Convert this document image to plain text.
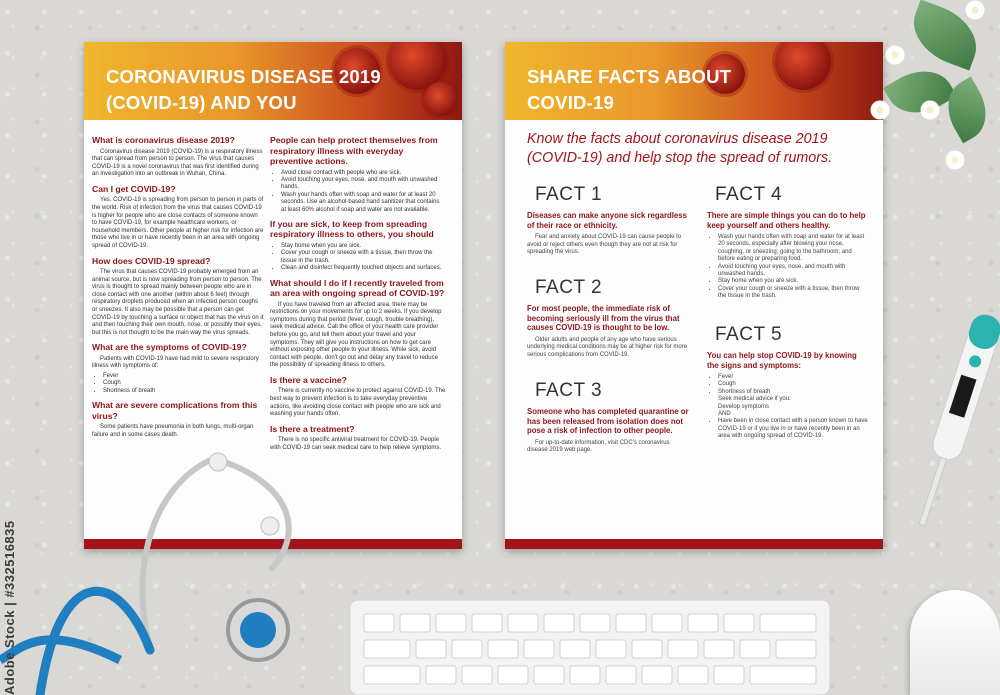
CORONAVIRUS DISEASE 2019
(COVID-19) AND YOU
What is coronavirus disease 2019?

Coronavirus disease 2019 (COVID-19) is a respiratory illness that can spread from person to person. The virus that causes COVID-19 is a novel coronavirus that was first identified during an investigation into an outbreak in Wuhan, China.

Can I get COVID-19?

Yes. COVID-19 is spreading from person to person in parts of the world. Risk of infection from the virus that causes COVID-19 is higher for people who are close contacts of someone known to have COVID-19, for example healthcare workers, or household members. Other people at higher risk for infection are those who live in or have recently been in an area with ongoing spread of COVID-19.

How does COVID-19 spread?

The virus that causes COVID-19 probably emerged from an animal source, but is now spreading from person to person. The virus is thought to spread mainly between people who are in close contact with one another (within about 6 feet) through respiratory droplets produced when an infected person coughs or sneezes. It also may be possible that a person can get COVID-19 by touching a surface or object that has the virus on it and then touching their own mouth, nose, or possibly their eyes, but this is not thought to be the main way the virus spreads.

What are the symptoms of COVID-19?

Patients with COVID-19 have had mild to severe respiratory illness with symptoms of:

• Fever
• Cough
• Shortness of breath
What are severe complications from this virus?

Some patients have pneumonia in both lungs, multi-organ failure and in some cases death.

People can help protect themselves from respiratory illness with everyday preventive actions.
• Avoid close contact with people who are sick.
• Avoid touching your eyes, nose, and mouth with unwashed hands.
• Wash your hands often with soap and water for at least 20 seconds. Use an alcohol-based hand sanitizer that contains at least 60% alcohol if soap and water are not available.
If you are sick, to keep from spreading respiratory illness to others, you should
• Stay home when you are sick.
• Cover your cough or sneeze with a tissue, then throw the tissue in the trash.
• Clean and disinfect frequently touched objects and surfaces.
What should I do if I recently traveled from an area with ongoing spread of COVID-19?

If you have traveled from an affected area, there may be restrictions on your movements for up to 2 weeks. If you develop symptoms during that period (fever, cough, trouble breathing), seek medical advice. Call the office of your health care provider before you go, and tell them about your travel and your symptoms. They will give you instructions on how to get care without exposing other people to your illness. While sick, avoid contact with people, don't go out and delay any travel to reduce the possibility of spreading illness to others.

Is there a vaccine?

There is currently no vaccine to protect against COVID-19. The best way to prevent infection is to take everyday preventive actions, like avoiding close contact with people who are sick and washing your hands often.

Is there a treatment?

There is no specific antiviral treatment for COVID-19. People with COVID-19 can seek medical care to help relieve symptoms.

SHARE FACTS ABOUT
COVID-19

Know the facts about coronavirus disease 2019 (COVID-19) and help stop the spread of rumors.

FACT 1

Diseases can make anyone sick regardless of their race or ethnicity.

Fear and anxiety about COVID-19 can cause people to avoid or reject others even though they are not at risk for spreading the virus.

FACT 2

For most people, the immediate risk of becoming seriously ill from the virus that causes COVID-19 is thought to be low.

Older adults and people of any age who have serious underlying medical conditions may be at higher risk for more serious complications from COVID-19.

FACT 3

Someone who has completed quarantine or has been released from isolation does not pose a risk of infection to other people.

For up-to-date information, visit CDC's coronavirus disease 2019 web page.

FACT 4

There are simple things you can do to help keep yourself and others healthy.
• Wash your hands often with soap and water for at least 20 seconds, especially after blowing your nose, coughing, or sneezing; going to the bathroom; and before eating or preparing food.
• Avoid touching your eyes, nose, and mouth with unwashed hands.
• Stay home when you are sick.
• Cover your cough or sneeze with a tissue, then throw the tissue in the trash.

FACT 5

You can help stop COVID-19 by knowing the signs and symptoms:
• Fever
• Cough
• Shortness of breath
Seek medical advice if you:
Develop symptoms
AND
• Have been in close contact with a person known to have COVID-19 or if you live in or have recently been in an area with ongoing spread of COVID-19.
Adobe Stock | #332516835
